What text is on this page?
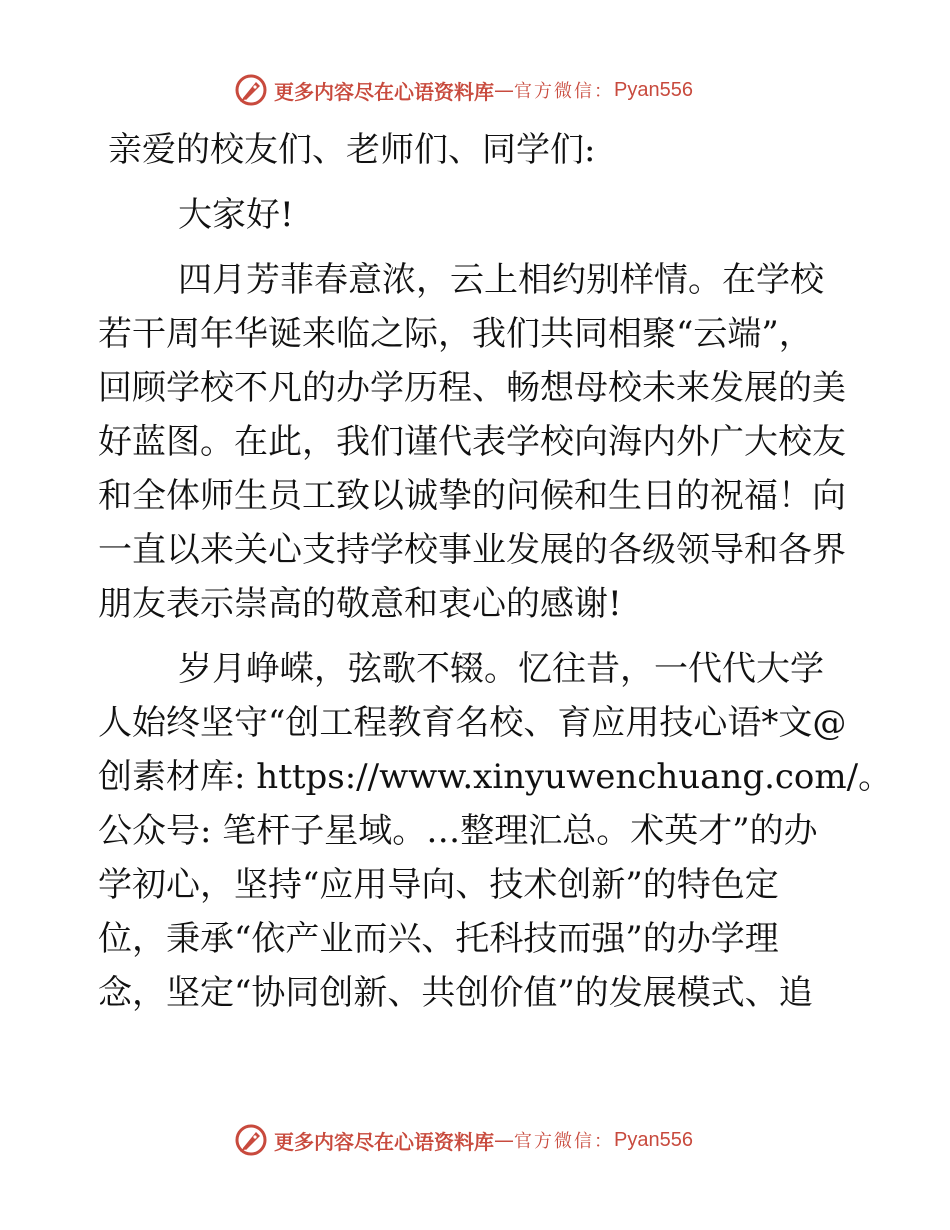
更多内容尽在心语资料库 — 官方微信： Pyan556
亲爱的校友们、老师们、同学们:
大家好!
四月芳菲春意浓，云上相约别样情。在学校
若干周年华诞来临之际，我们共同相聚“云端”，
回顾学校不凡的办学历程、畅想母校未来发展的美
好蓝图。在此，我们谨代表学校向海内外广大校友
和全体师生员工致以诚挚的问候和生日的祝福！向
一直以来关心支持学校事业发展的各级领导和各界
朋友表示崇高的敬意和衷心的感谢!
岁月峥嵘，弦歌不辍。忆往昔，一代代大学
人始终坚守“创工程教育名校、育应用技心语*文@
创素材库: https://www.xinyuwenchuang.com/。
公众号: 笔杆子星域。…整理汇总。术英才”的办
学初心，坚持“应用导向、技术创新”的特色定
位，秉承“依产业而兴、托科技而强”的办学理
念，坚定“协同创新、共创价值”的发展模式、追
更多内容尽在心语资料库 — 官方微信： Pyan556
